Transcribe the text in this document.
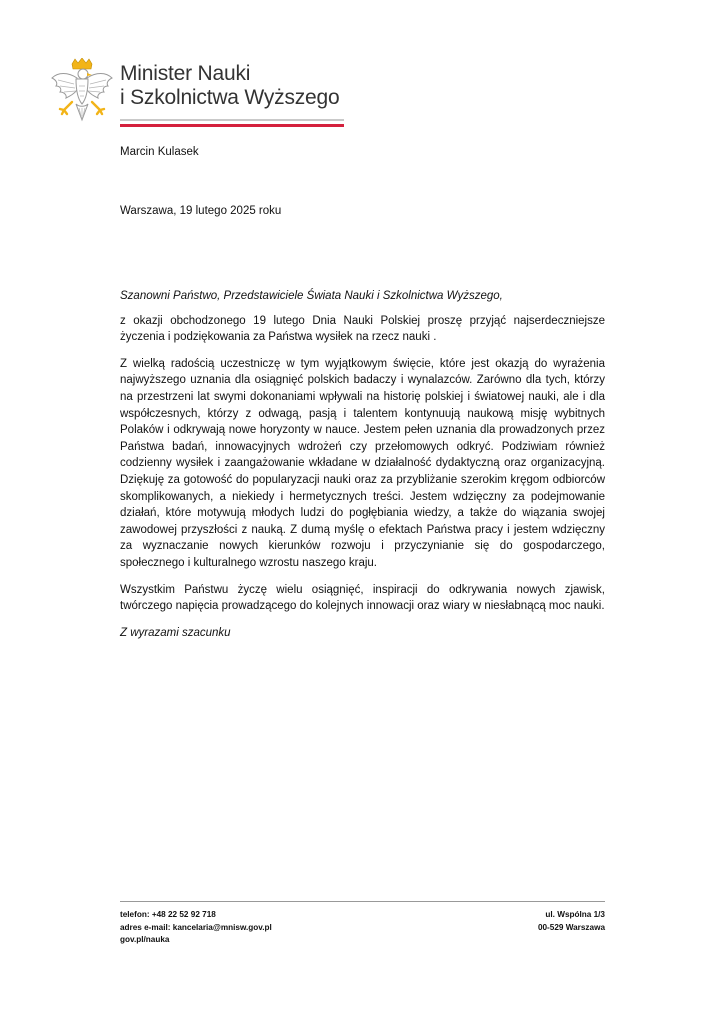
Minister Nauki
i Szkolnictwa Wyższego
Marcin Kulasek
Warszawa, 19 lutego 2025 roku

Szanowni Państwo, Przedstawiciele Świata Nauki i Szkolnictwa Wyższego,

z okazji obchodzonego 19 lutego Dnia Nauki Polskiej proszę przyjąć najserdeczniejsze życzenia i podziękowania za Państwa wysiłek na rzecz nauki .

Z wielką radością uczestniczę w tym wyjątkowym święcie, które jest okazją do wyrażenia najwyższego uznania dla osiągnięć polskich badaczy i wynalazców. Zarówno dla tych, którzy na przestrzeni lat swymi dokonaniami wpływali na historię polskiej i światowej nauki, ale i dla współczesnych, którzy z odwagą, pasją i talentem kontynuują naukową misję wybitnych Polaków i odkrywają nowe horyzonty w nauce. Jestem pełen uznania dla prowadzonych przez Państwa badań, innowacyjnych wdrożeń czy przełomowych odkryć. Podziwiam również codzienny wysiłek i zaangażowanie wkładane w działalność dydaktyczną oraz organizacyjną. Dziękuję za gotowość do popularyzacji nauki oraz za przybliżanie szerokim kręgom odbiorców skomplikowanych, a niekiedy i hermetycznych treści. Jestem wdzięczny za podejmowanie działań, które motywują młodych ludzi do pogłębiania wiedzy, a także do wiązania swojej zawodowej przyszłości z nauką. Z dumą myślę o efektach Państwa pracy i jestem wdzięczny za wyznaczanie nowych kierunków rozwoju i przyczynianie się do gospodarczego, społecznego i kulturalnego wzrostu naszego kraju.

Wszystkim Państwu życzę wielu osiągnięć, inspiracji do odkrywania nowych zjawisk, twórczego napięcia prowadzącego do kolejnych innowacji oraz wiary w niesłabnącą moc nauki.

Z wyrazami szacunku

telefon: +48 22 52 92 718
adres e-mail: kancelaria@mnisw.gov.pl
gov.pl/nauka
ul. Wspólna 1/3
00-529 Warszawa
